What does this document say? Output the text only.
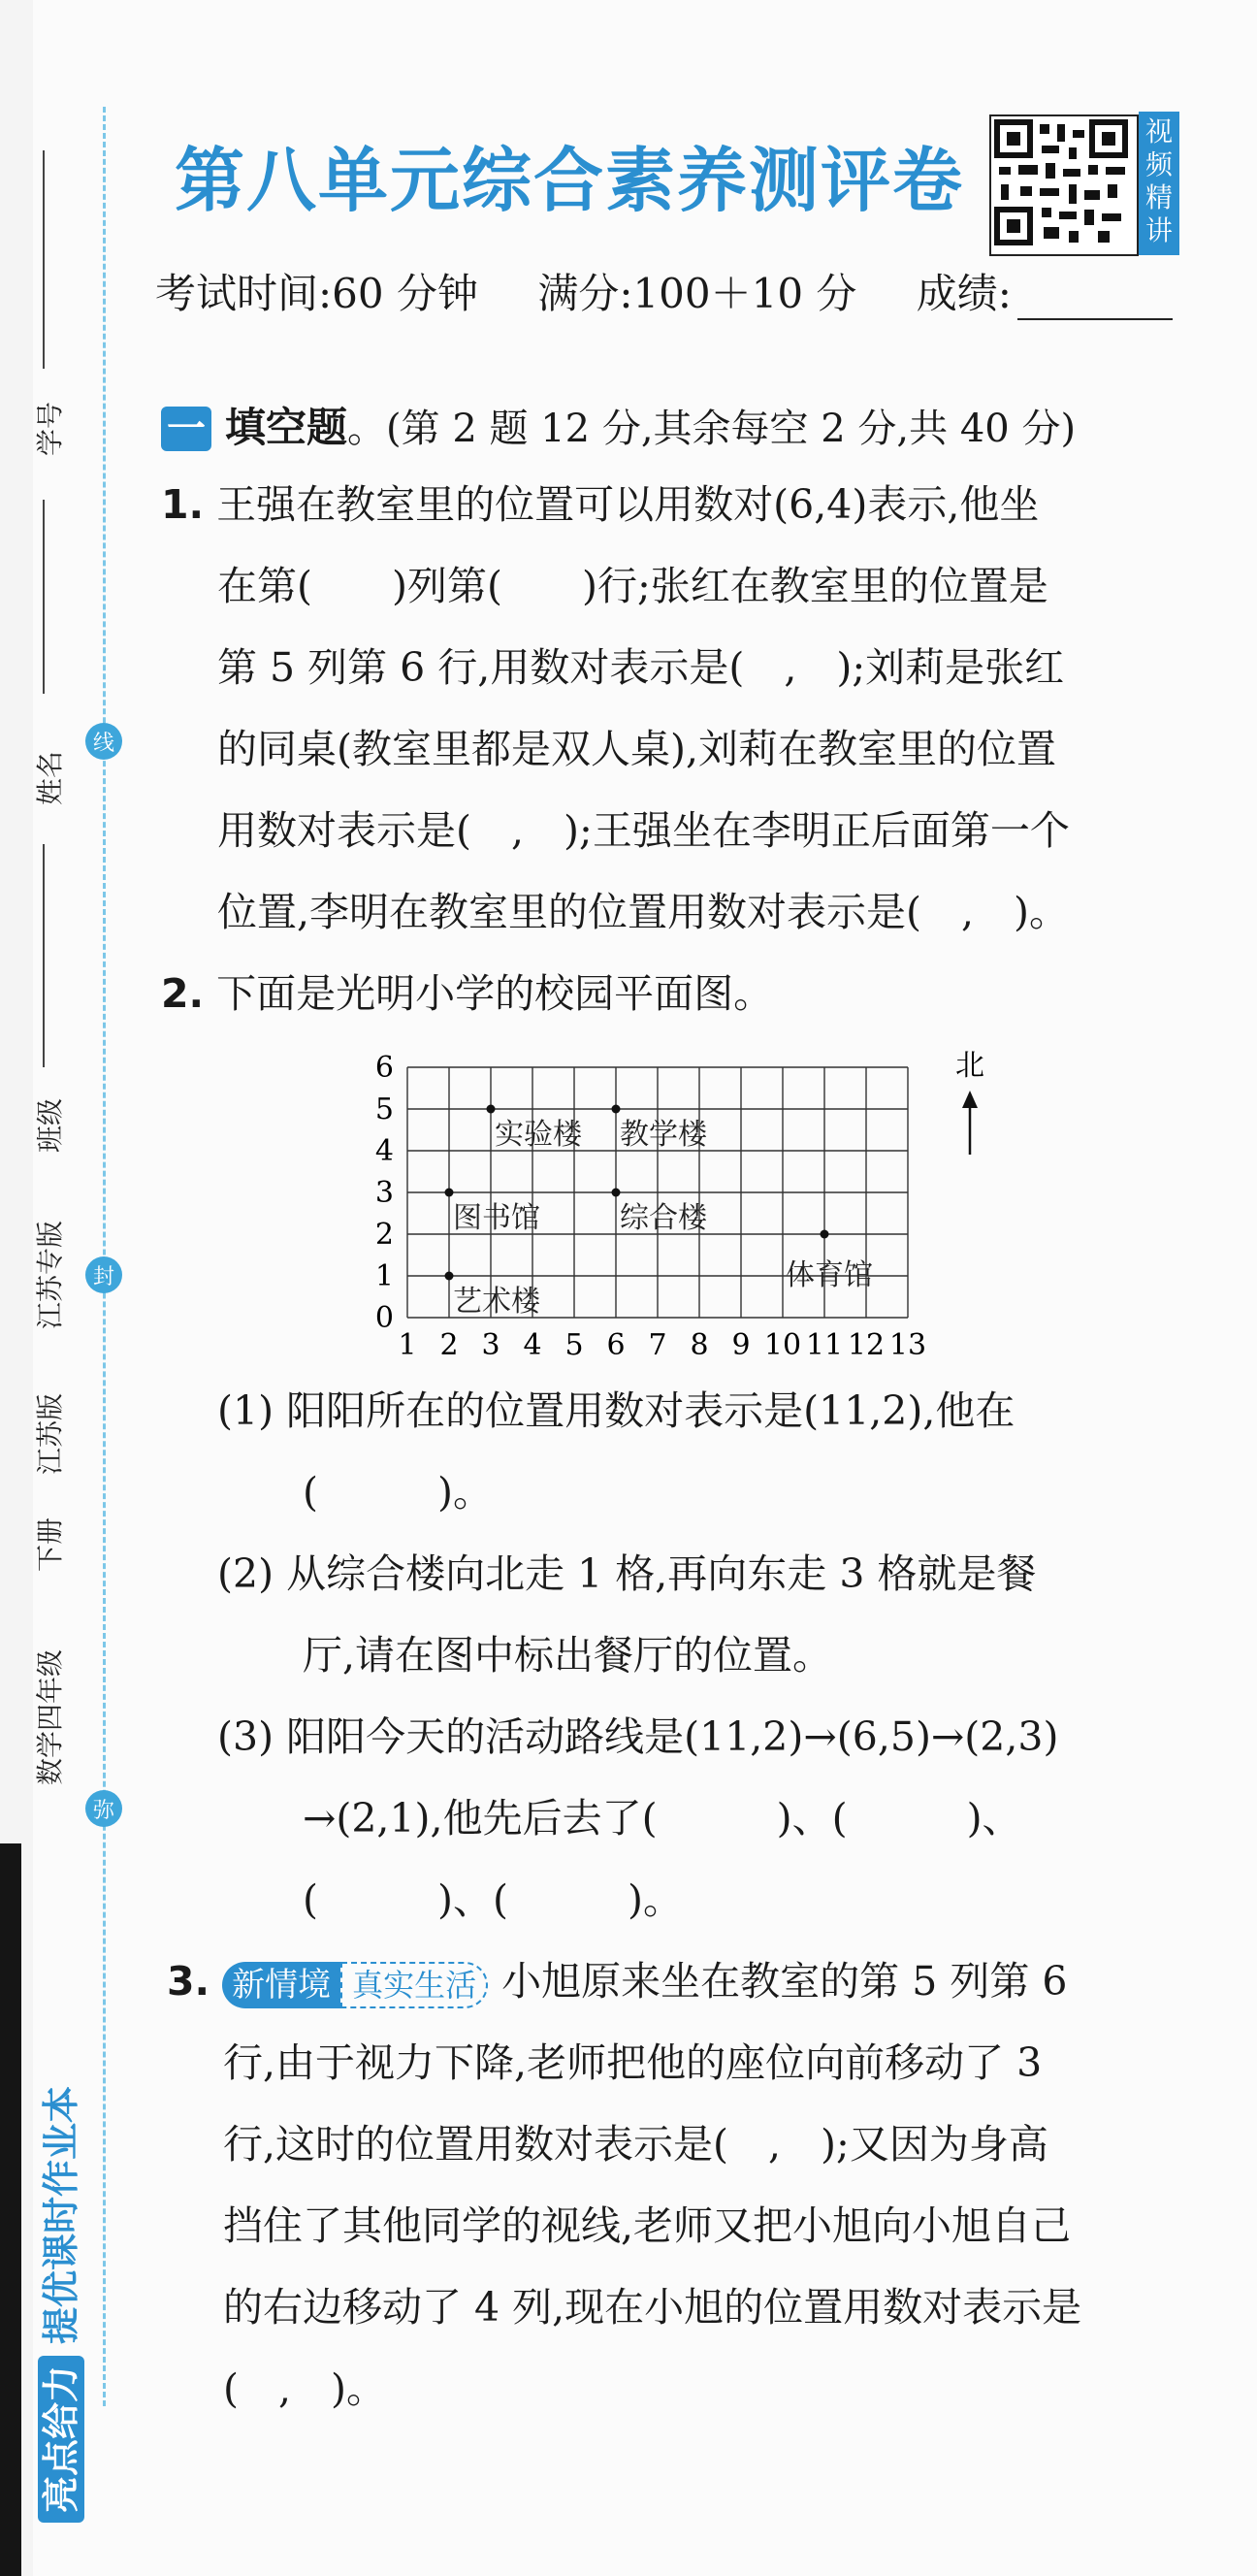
线
封
弥
学号
姓名
班级
江苏专版
江苏版
下册
数学四年级
亮点给力提优课时作业本
第八单元综合素养测评卷
视
频
精
讲
考试时间:60 分钟 满分:100＋10 分 成绩:
一 填空题。(第 2 题 12 分,其余每空 2 分,共 40 分)
1. 王强在教室里的位置可以用数对(6,4)表示,他坐
在第(　　)列第(　　)行;张红在教室里的位置是
第 5 列第 6 行,用数对表示是(　,　);刘莉是张红
的同桌(教室里都是双人桌),刘莉在教室里的位置
用数对表示是(　,　);王强坐在李明正后面第一个
位置,李明在教室里的位置用数对表示是(　,　)。
2. 下面是光明小学的校园平面图。
0
1
2
3
4
5
6
1 2 3 4 5 6 7 8 9 10 11 12 13
实验楼 教学楼
图书馆	综合楼
艺术楼
体育馆
北
(1) 阳阳所在的位置用数对表示是(11,2),他在
(　　　)。
(2) 从综合楼向北走 1 格,再向东走 3 格就是餐
厅,请在图中标出餐厅的位置。
(3) 阳阳今天的活动路线是(11,2)→(6,5)→(2,3)
→(2,1),他先后去了(　　　)、(　　　)、
(　　　)、(　　　)。
3. 新情境 真实生活 小旭原来坐在教室的第 5 列第 6
行,由于视力下降,老师把他的座位向前移动了 3
行,这时的位置用数对表示是(　,　);又因为身高
挡住了其他同学的视线,老师又把小旭向小旭自己
的右边移动了 4 列,现在小旭的位置用数对表示是
(　,　)。
